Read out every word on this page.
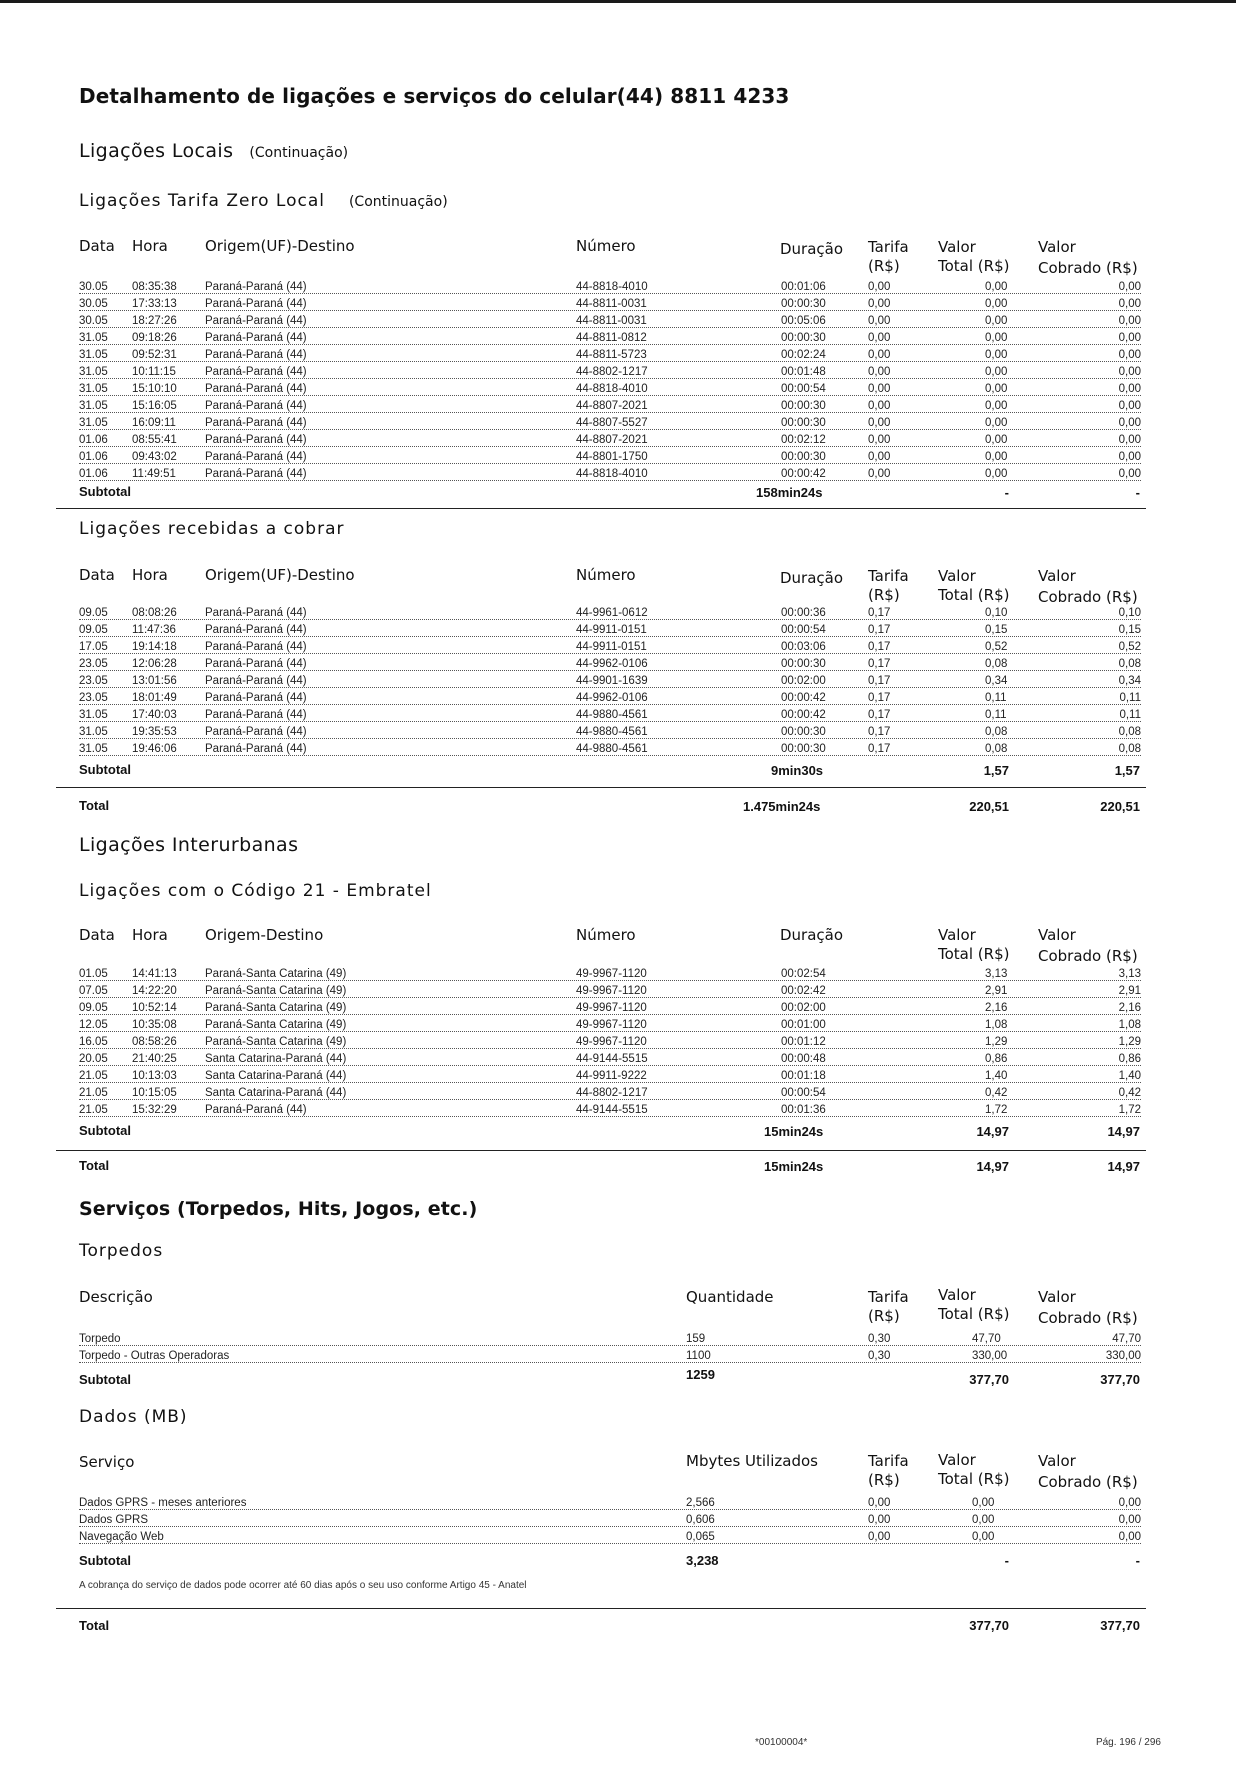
Detalhamento de ligações e serviços do celular(44) 8811 4233
Ligações Locais (Continuação)
Ligações Tarifa Zero Local (Continuação)
Data Hora Origem(UF)-Destino	Número	Duração Tarifa
(R$)
Valor
Total (R$)
Valor
Cobrado (R$)
30.05 08:35:38 Paraná-Paraná (44)	44-8818-4010	00:01:06	0,00	0,00	0,00
30.05 17:33:13 Paraná-Paraná (44)	44-8811-0031	00:00:30	0,00	0,00	0,00
30.05 18:27:26 Paraná-Paraná (44)	44-8811-0031	00:05:06	0,00	0,00	0,00
31.05 09:18:26 Paraná-Paraná (44)	44-8811-0812	00:00:30	0,00	0,00	0,00
31.05 09:52:31 Paraná-Paraná (44)	44-8811-5723	00:02:24	0,00	0,00	0,00
31.05 10:11:15	Paraná-Paraná (44)	44-8802-1217	00:01:48	0,00	0,00	0,00
31.05 15:10:10 Paraná-Paraná (44)	44-8818-4010	00:00:54	0,00	0,00	0,00
31.05 15:16:05 Paraná-Paraná (44)	44-8807-2021	00:00:30	0,00	0,00	0,00
31.05 16:09:11	Paraná-Paraná (44)	44-8807-5527	00:00:30	0,00	0,00	0,00
01.06 08:55:41 Paraná-Paraná (44)	44-8807-2021	00:02:12	0,00	0,00	0,00
01.06 09:43:02 Paraná-Paraná (44)	44-8801-1750	00:00:30	0,00	0,00	0,00
01.06 11:49:51	Paraná-Paraná (44)	44-8818-4010	00:00:42	0,00	0,00	0,00
Subtotal	158min24s	-	-
Ligações recebidas a cobrar
Data Hora Origem(UF)-Destino	Número	Duração Tarifa
(R$)
Valor
Total (R$)
Valor
Cobrado (R$)
09.05 08:08:26 Paraná-Paraná (44)	44-9961-0612	00:00:36	0,17	0,10	0,10
09.05 11:47:36	Paraná-Paraná (44)	44-9911-0151	00:00:54	0,17	0,15	0,15
17.05 19:14:18 Paraná-Paraná (44)	44-9911-0151	00:03:06	0,17	0,52	0,52
23.05 12:06:28 Paraná-Paraná (44)	44-9962-0106	00:00:30	0,17	0,08	0,08
23.05 13:01:56 Paraná-Paraná (44)	44-9901-1639	00:02:00	0,17	0,34	0,34
23.05 18:01:49 Paraná-Paraná (44)	44-9962-0106	00:00:42	0,17	0,11	0,11
31.05 17:40:03 Paraná-Paraná (44)	44-9880-4561	00:00:42	0,17	0,11	0,11
31.05 19:35:53 Paraná-Paraná (44)	44-9880-4561	00:00:30	0,17	0,08	0,08
31.05 19:46:06 Paraná-Paraná (44)	44-9880-4561	00:00:30	0,17	0,08	0,08
Subtotal	9min30s	1,57	1,57
Total	1.475min24s	220,51	220,51
Ligações Interurbanas
Ligações com o Código 21 - Embratel
Data Hora Origem-Destino	Número	Duração	Valor
Total (R$)
Valor
Cobrado (R$)
01.05 14:41:13 Paraná-Santa Catarina (49)	49-9967-1120	00:02:54	3,13	3,13
07.05 14:22:20 Paraná-Santa Catarina (49)	49-9967-1120	00:02:42	2,91	2,91
09.05 10:52:14 Paraná-Santa Catarina (49)	49-9967-1120	00:02:00	2,16	2,16
12.05 10:35:08 Paraná-Santa Catarina (49)	49-9967-1120	00:01:00	1,08	1,08
16.05 08:58:26 Paraná-Santa Catarina (49)	49-9967-1120	00:01:12	1,29	1,29
20.05 21:40:25 Santa Catarina-Paraná (44)	44-9144-5515	00:00:48	0,86	0,86
21.05 10:13:03 Santa Catarina-Paraná (44)	44-9911-9222	00:01:18	1,40	1,40
21.05 10:15:05 Santa Catarina-Paraná (44)	44-8802-1217	00:00:54	0,42	0,42
21.05 15:32:29 Paraná-Paraná (44)	44-9144-5515	00:01:36	1,72	1,72
Subtotal	15min24s	14,97	14,97
Total	15min24s	14,97	14,97
Serviços (Torpedos, Hits, Jogos, etc.)
Torpedos
Descrição	Quantidade	Tarifa
(R$)
Valor
Total (R$)
Valor
Cobrado (R$)
Torpedo	159	0,30	47,70	47,70
Torpedo - Outras Operadoras	1100	0,30	330,00	330,00
Subtotal	1259	377,70	377,70
Dados (MB)
Serviço	Mbytes Utilizados	Tarifa
(R$)
Valor
Total (R$)
Valor
Cobrado (R$)
Dados GPRS - meses anteriores	2,566	0,00	0,00	0,00
Dados GPRS	0,606	0,00	0,00	0,00
Navegação Web	0,065	0,00	0,00	0,00
Subtotal	3,238	-	-
A cobrança do serviço de dados pode ocorrer até 60 dias após o seu uso conforme Artigo 45 - Anatel
Total	377,70	377,70
*00100004*	Pág. 196 / 296
